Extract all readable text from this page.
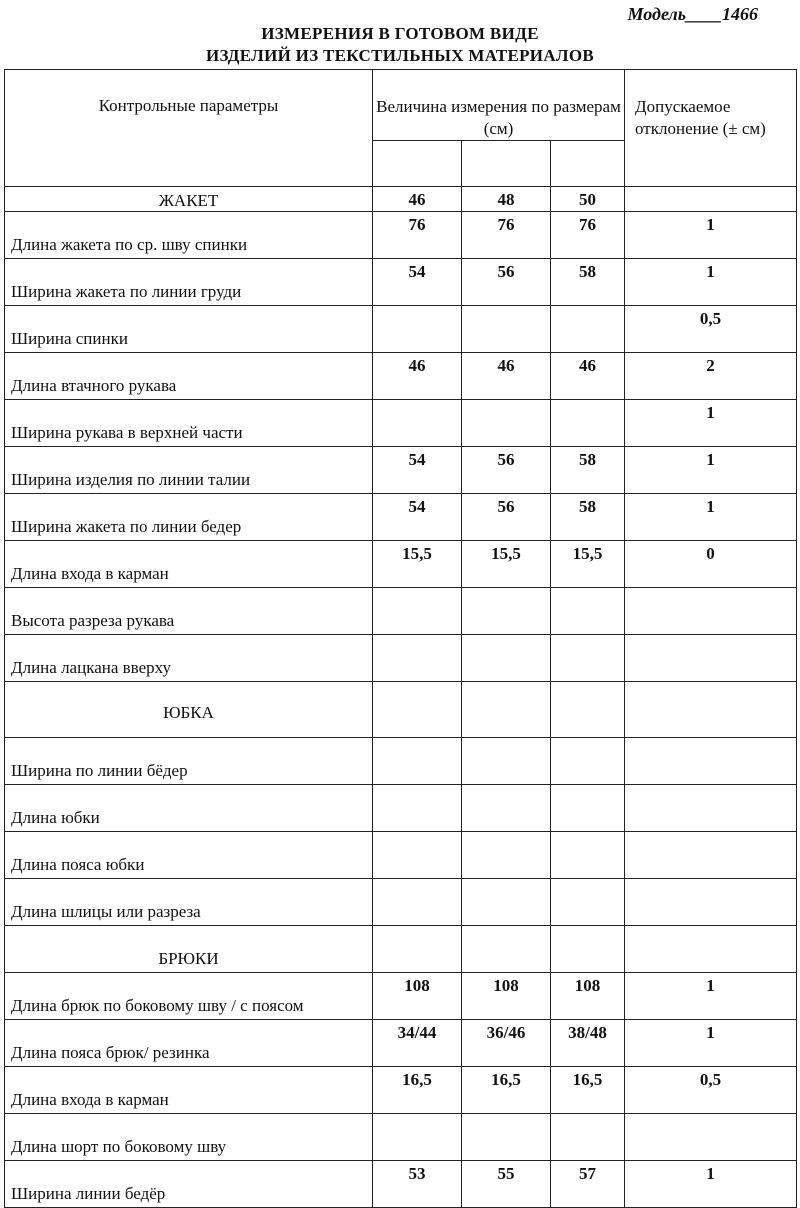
Модель____1466
ИЗМЕРЕНИЯ В ГОТОВОМ ВИДЕ
ИЗДЕЛИЙ ИЗ ТЕКСТИЛЬНЫХ МАТЕРИАЛОВ
Контрольные параметры	Величина измерения по размерам (см)			Допускаемое отклонение (± см)

ЖАКЕТ	46	48	50	
Длина жакета по ср. шву спинки	76	76	76	1
Ширина жакета по линии груди	54	56	58	1
Ширина спинки				0,5
Длина втачного рукава	46	46	46	2
Ширина рукава в верхней части				1
Ширина изделия по линии талии	54	56	58	1
Ширина жакета по линии бедер	54	56	58	1
Длина входа в карман	15,5	15,5	15,5	0
Высота разреза рукава				
Длина лацкана вверху				
ЮБКА				
Ширина по линии бёдер				
Длина юбки				
Длина пояса юбки				
Длина шлицы или разреза				
БРЮКИ				
Длина брюк по боковому шву / с поясом	108	108	108	1
Длина пояса брюк/ резинка	34/44	36/46	38/48	1
Длина входа в карман	16,5	16,5	16,5	0,5
Длина шорт по боковому шву				
Ширина линии бедёр	53	55	57	1
